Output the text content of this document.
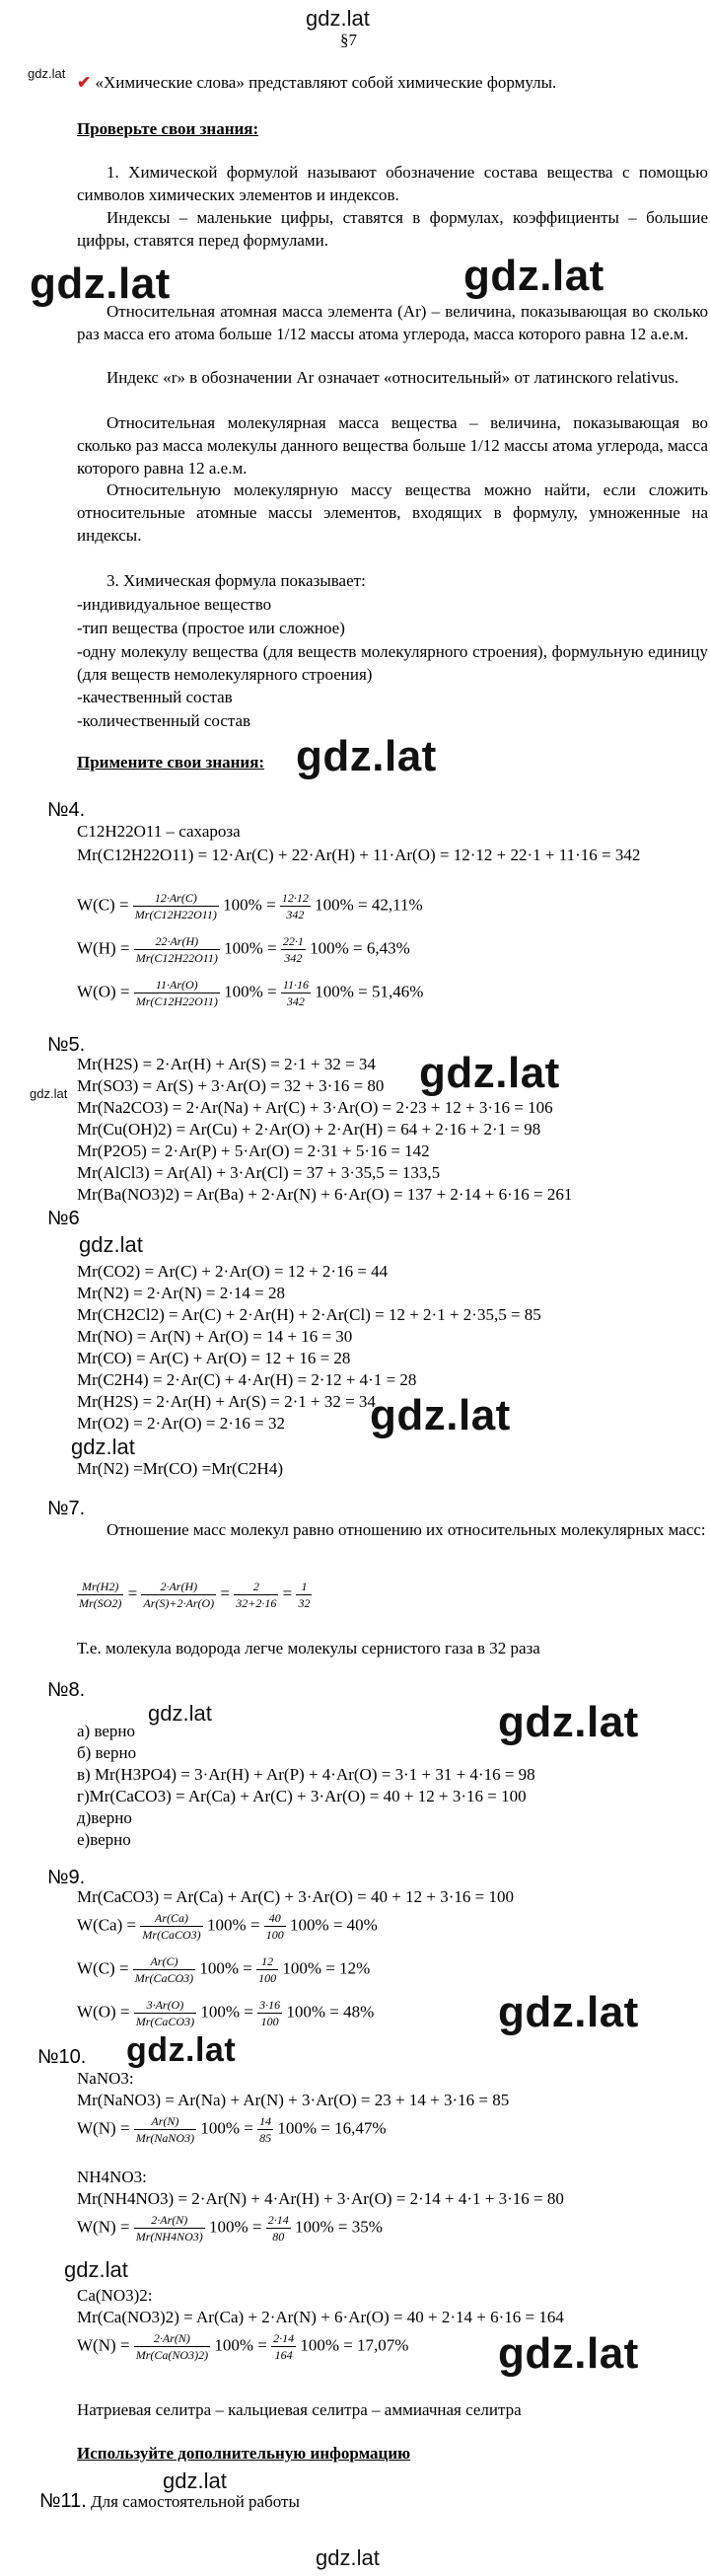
gdz.lat
§7
gdz.lat ✔ «Химические слова» представляют собой химические формулы.
Проверьте свои знания:
1. Химической формулой называют обозначение состава вещества с помощью символов химических элементов и индексов.
Индексы – маленькие цифры, ставятся в формулах, коэффициенты – большие цифры, ставятся перед формулами.
gdz.lat	gdz.lat
Относительная атомная масса элемента (Ar) – величина, показывающая во сколько раз масса его атома больше 1/12 массы атома углерода, масса которого равна 12 а.е.м.
Индекс «r» в обозначении Ar означает «относительный» от латинского relativus.
Относительная молекулярная масса вещества – величина, показывающая во сколько раз масса молекулы данного вещества больше 1/12 массы атома углерода, масса которого равна 12 а.е.м.
Относительную молекулярную массу вещества можно найти, если сложить относительные атомные массы элементов, входящих в формулу, умноженные на индексы.
3. Химическая формула показывает:
-индивидуальное вещество
-тип вещества (простое или сложное)
-одну молекулу вещества (для веществ молекулярного строения), формульную единицу (для веществ немолекулярного строения)
-качественный состав
-количественный состав
Примените свои знания: gdz.lat
№4.
C12H22O11 – сахароза
Mr(C12H22O11) = 12·Ar(C) + 22·Ar(H) + 11·Ar(O) = 12·12 + 22·1 + 11·16 = 342
$W(C) = \frac{12\cdot Ar(C)}{Mr(C12H22O11)} 100\% = \frac{12\cdot 12}{342} 100\% = 42,11\%$
$W(H) = \frac{22\cdot Ar(H)}{Mr(C12H22O11)} 100\% = \frac{22\cdot 1}{342} 100\% = 6,43\%$
$W(O) = \frac{11\cdot Ar(O)}{Mr(C12H22O11)} 100\% = \frac{11\cdot 16}{342} 100\% = 51,46\%$
№5.
gdz.lat	gdz.lat
Mr(H2S) = 2·Ar(H) + Ar(S) = 2·1 + 32 = 34
Mr(SO3) = Ar(S) + 3·Ar(O) = 32 + 3·16 = 80
Mr(Na2CO3) = 2·Ar(Na) + Ar(C) + 3·Ar(O) = 2·23 + 12 + 3·16 = 106
Mr(Cu(OH)2) = Ar(Cu) + 2·Ar(O) + 2·Ar(H) = 64 + 2·16 + 2·1 = 98
Mr(P2O5) = 2·Ar(P) + 5·Ar(O) = 2·31 + 5·16 = 142
Mr(AlCl3) = Ar(Al) + 3·Ar(Cl) = 37 + 3·35,5 = 133,5
Mr(Ba(NO3)2) = Ar(Ba) + 2·Ar(N) + 6·Ar(O) = 137 + 2·14 + 6·16 = 261
№6
gdz.lat
Mr(CO2) = Ar(C) + 2·Ar(O) = 12 + 2·16 = 44
Mr(N2) = 2·Ar(N) = 2·14 = 28
Mr(CH2Cl2) = Ar(C) + 2·Ar(H) + 2·Ar(Cl) = 12 + 2·1 + 2·35,5 = 85
Mr(NO) = Ar(N) + Ar(O) = 14 + 16 = 30
Mr(CO) = Ar(C) + Ar(O) = 12 + 16 = 28
Mr(C2H4) = 2·Ar(C) + 4·Ar(H) = 2·12 + 4·1 = 28
Mr(H2S) = 2·Ar(H) + Ar(S) = 2·1 + 32 = 34
Mr(O2) = 2·Ar(O) = 2·16 = 32 gdz.lat
gdz.lat
Mr(N2) =Mr(CO) =Mr(C2H4)
№7.
Отношение масс молекул равно отношению их относительных молекулярных масс:
$\frac{Mr(H2)}{Mr(SO2)} = \frac{2\cdot Ar(H)}{Ar(S)+2\cdot Ar(O)} = \frac{2}{32+2\cdot 16} = \frac{1}{32}$
Т.е. молекула водорода легче молекулы сернистого газа в 32 раза
№8.
gdz.lat	gdz.lat
а) верно
б) верно
в) Mr(H3PO4) = 3·Ar(H) + Ar(P) + 4·Ar(O) = 3·1 + 31 + 4·16 = 98
г)Mr(CaCO3) = Ar(Ca) + Ar(C) + 3·Ar(O) = 40 + 12 + 3·16 = 100
д)верно
е)верно
№9.
Mr(CaCO3) = Ar(Ca) + Ar(C) + 3·Ar(O) = 40 + 12 + 3·16 = 100
$W(Ca) = \frac{Ar(Ca)}{\text{Mr(CaCO3)}} 100\% = \frac{40}{100} 100\% = 40\%$
$W(C) = \frac{Ar(C)}{\text{Mr(CaCO3)}} 100\% = \frac{12}{100} 100\% = 12\%$
$W(O) = \frac{3\cdot Ar(O)}{\text{Mr(CaCO3)}} 100\% = \frac{3\cdot 16}{100} 100\% = 48\%$
№10. gdz.lat
gdz.lat
NaNO3:
Mr(NaNO3) = Ar(Na) + Ar(N) + 3·Ar(O) = 23 + 14 + 3·16 = 85
$W(N) = \frac{Ar(N)}{\text{Mr(NaNO3)}} 100\% = \frac{14}{85} 100\% = 16,47\%$
NH4NO3:
Mr(NH4NO3) = 2·Ar(N) + 4·Ar(H) + 3·Ar(O) = 2·14 + 4·1 + 3·16 = 80
$W(N) = \frac{2\cdot Ar(N)}{Mr(NH4NO3)} 100\% = \frac{2\cdot 14}{80} 100\% = 35\%$
gdz.lat
Ca(NO3)2:
Mr(Ca(NO3)2) = Ar(Ca) + 2·Ar(N) + 6·Ar(O) = 40 + 2·14 + 6·16 = 164
$W(N) = \frac{2\cdot Ar(N)}{Mr(Ca(NO3)2)} 100\% = \frac{2\cdot 14}{164} 100\% = 17,07\%$ gdz.lat
Натриевая селитра – кальциевая селитра – аммиачная селитра
Используйте дополнительную информацию
gdz.lat
№11. Для самостоятельной работы
gdz.lat
